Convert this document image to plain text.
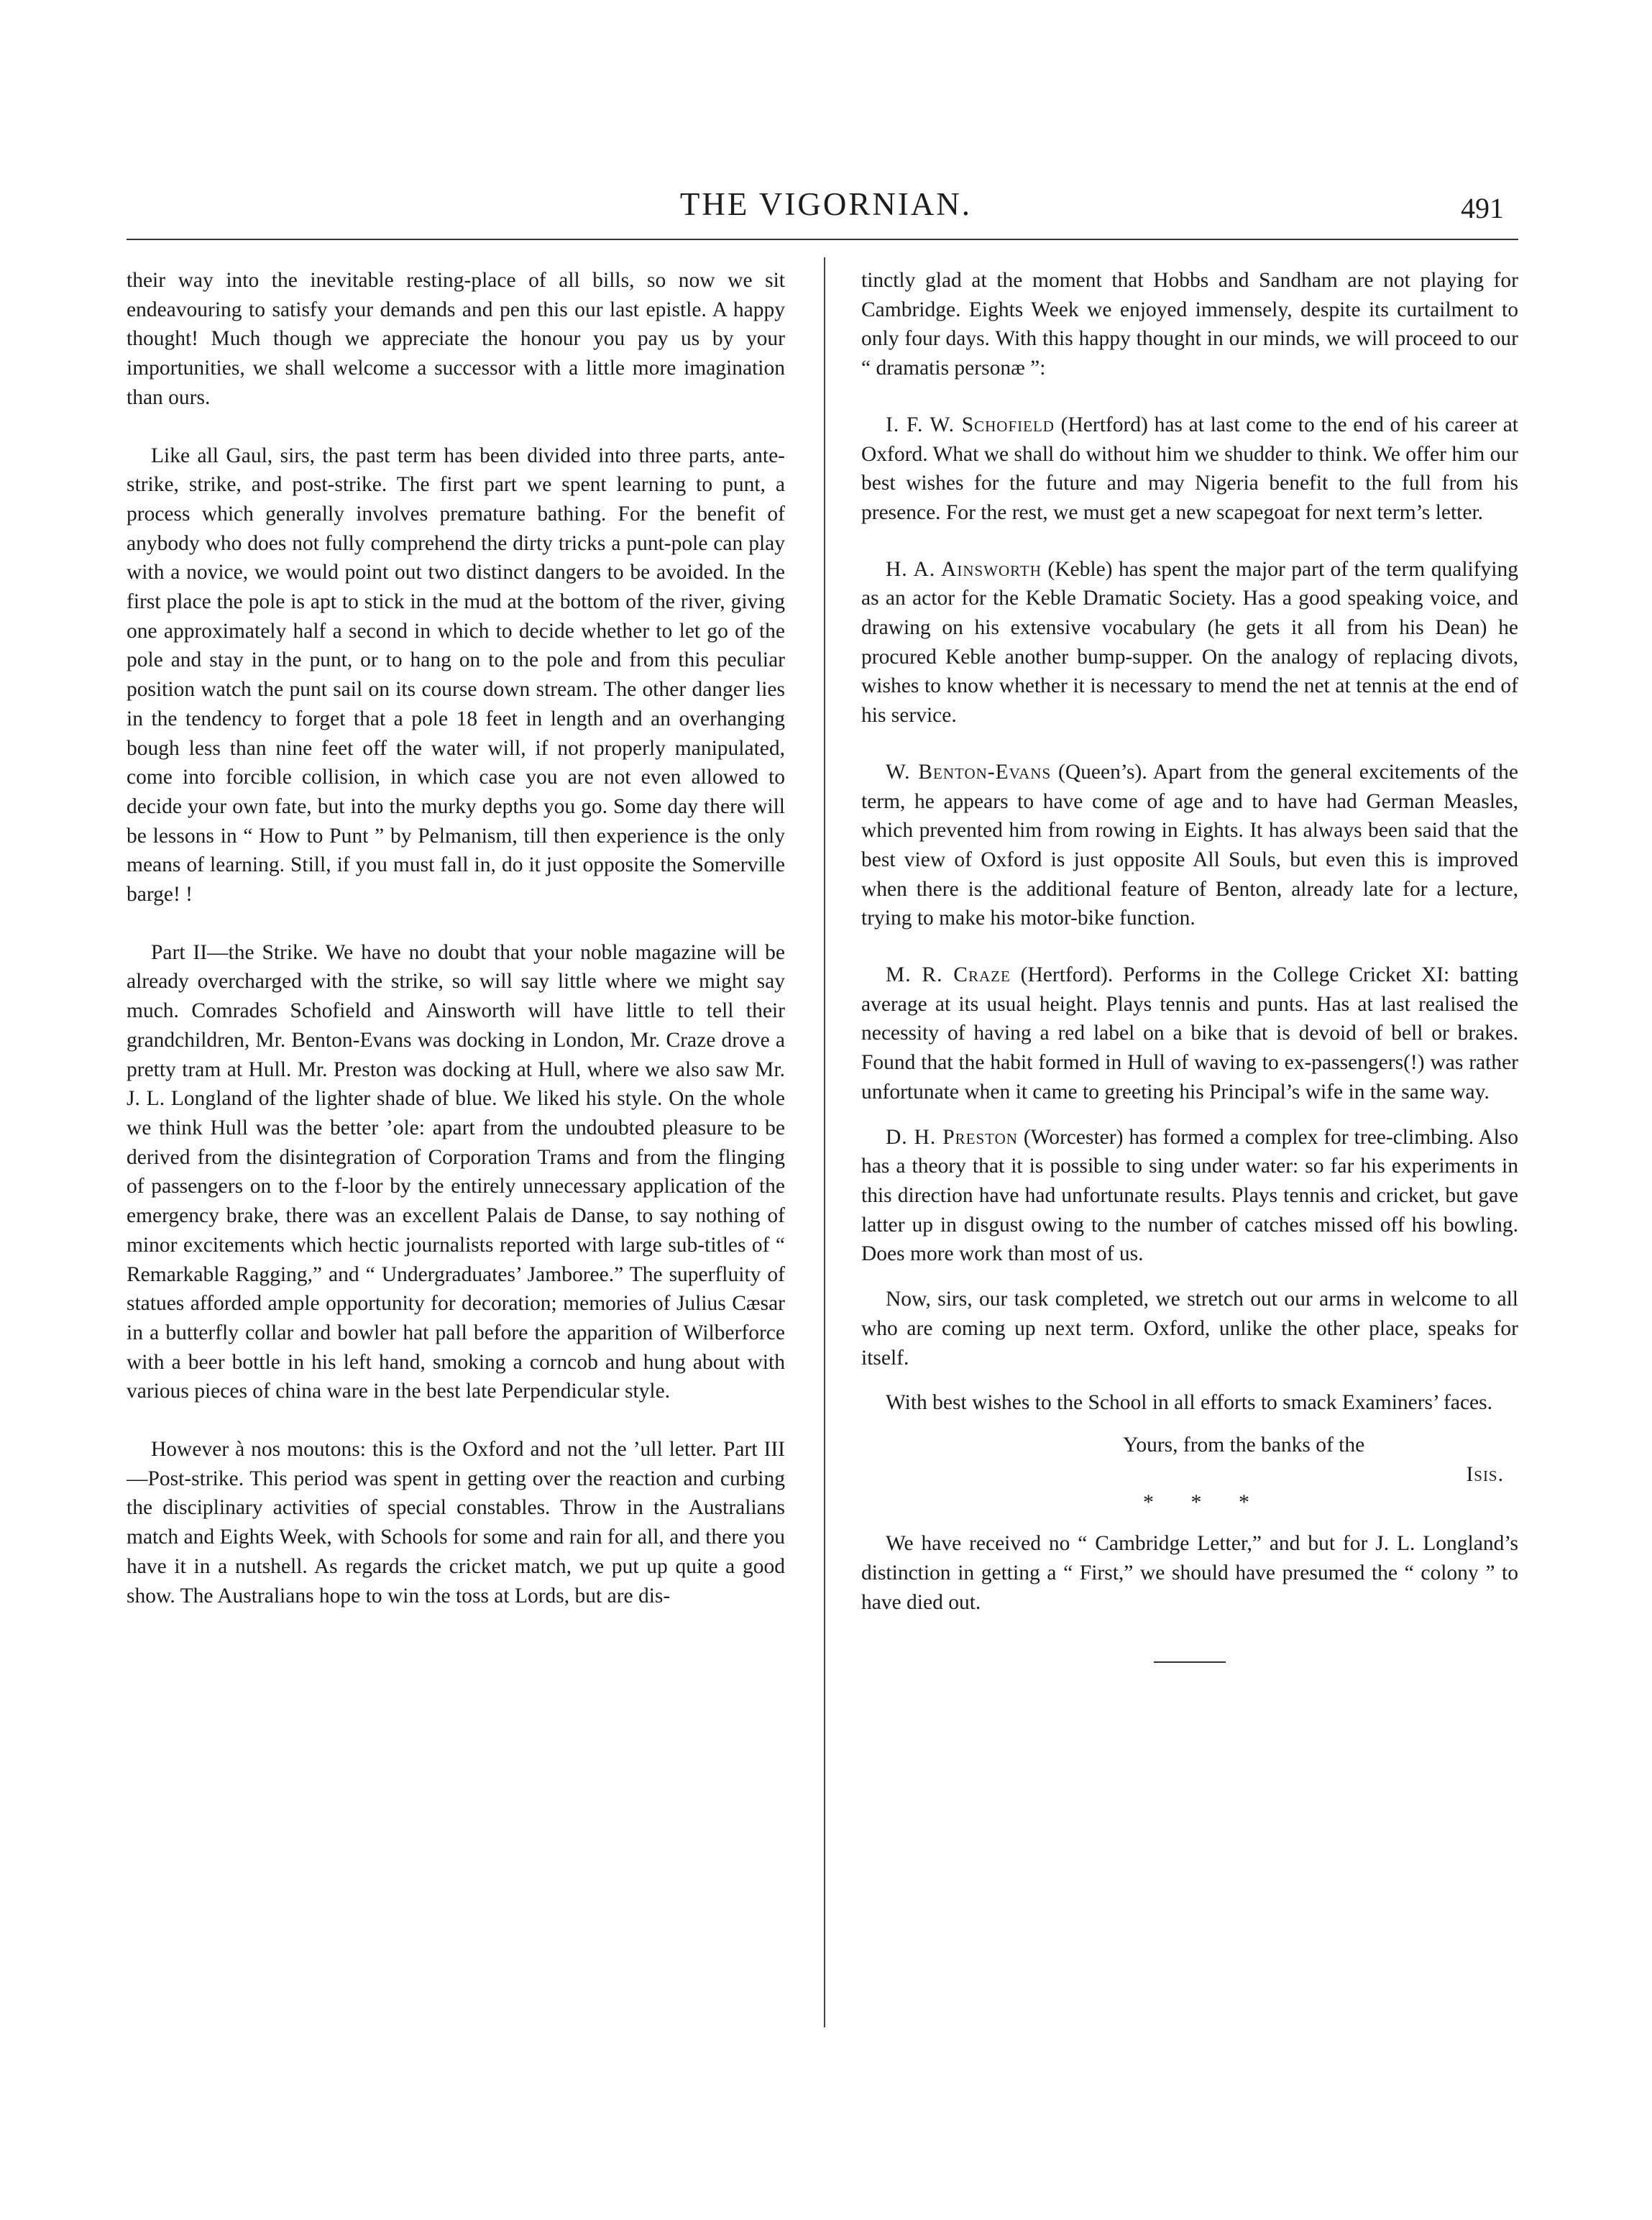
THE VIGORNIAN.	491

their way into the inevitable resting-place of all bills, so now we sit endeavouring to satisfy your demands and pen this our last epistle. A happy thought! Much though we appreciate the honour you pay us by your importunities, we shall welcome a successor with a little more imagination than ours.

Like all Gaul, sirs, the past term has been divided into three parts, ante-strike, strike, and post-strike. The first part we spent learning to punt, a process which generally involves premature bathing. For the benefit of anybody who does not fully comprehend the dirty tricks a punt-pole can play with a novice, we would point out two distinct dangers to be avoided. In the first place the pole is apt to stick in the mud at the bottom of the river, giving one approximately half a second in which to decide whether to let go of the pole and stay in the punt, or to hang on to the pole and from this peculiar position watch the punt sail on its course down stream. The other danger lies in the tendency to forget that a pole 18 feet in length and an overhanging bough less than nine feet off the water will, if not properly manipulated, come into forcible collision, in which case you are not even allowed to decide your own fate, but into the murky depths you go. Some day there will be lessons in “ How to Punt ” by Pelmanism, till then experience is the only means of learning. Still, if you must fall in, do it just opposite the Somerville barge! !

Part II—the Strike. We have no doubt that your noble magazine will be already overcharged with the strike, so will say little where we might say much. Comrades Schofield and Ainsworth will have little to tell their grandchildren, Mr. Benton-Evans was docking in London, Mr. Craze drove a pretty tram at Hull. Mr. Preston was docking at Hull, where we also saw Mr. J. L. Longland of the lighter shade of blue. We liked his style. On the whole we think Hull was the better ’ole: apart from the undoubted pleasure to be derived from the disintegration of Corporation Trams and from the flinging of passengers on to the f-loor by the entirely unnecessary application of the emergency brake, there was an excellent Palais de Danse, to say nothing of minor excitements which hectic journalists reported with large sub-titles of “ Remarkable Ragging,” and “ Undergraduates’ Jamboree.” The superfluity of statues afforded ample opportunity for decoration; memories of Julius Cæsar in a butterfly collar and bowler hat pall before the apparition of Wilberforce with a beer bottle in his left hand, smoking a corncob and hung about with various pieces of china ware in the best late Perpendicular style.

However à nos moutons: this is the Oxford and not the ’ull letter. Part III—Post-strike. This period was spent in getting over the reaction and curbing the disciplinary activities of special constables. Throw in the Australians match and Eights Week, with Schools for some and rain for all, and there you have it in a nutshell. As regards the cricket match, we put up quite a good show. The Australians hope to win the toss at Lords, but are dis-

tinctly glad at the moment that Hobbs and Sandham are not playing for Cambridge. Eights Week we enjoyed immensely, despite its curtailment to only four days. With this happy thought in our minds, we will proceed to our “ dramatis personæ ”:

I. F. W. Schofield (Hertford) has at last come to the end of his career at Oxford. What we shall do without him we shudder to think. We offer him our best wishes for the future and may Nigeria benefit to the full from his presence. For the rest, we must get a new scapegoat for next term’s letter.

H. A. Ainsworth (Keble) has spent the major part of the term qualifying as an actor for the Keble Dramatic Society. Has a good speaking voice, and drawing on his extensive vocabulary (he gets it all from his Dean) he procured Keble another bump-supper. On the analogy of replacing divots, wishes to know whether it is necessary to mend the net at tennis at the end of his service.

W. Benton-Evans (Queen’s). Apart from the general excitements of the term, he appears to have come of age and to have had German Measles, which prevented him from rowing in Eights. It has always been said that the best view of Oxford is just opposite All Souls, but even this is improved when there is the additional feature of Benton, already late for a lecture, trying to make his motor-bike function.

M. R. Craze (Hertford). Performs in the College Cricket XI: batting average at its usual height. Plays tennis and punts. Has at last realised the necessity of having a red label on a bike that is devoid of bell or brakes. Found that the habit formed in Hull of waving to ex-passengers(!) was rather unfortunate when it came to greeting his Principal’s wife in the same way.

D. H. Preston (Worcester) has formed a complex for tree-climbing. Also has a theory that it is possible to sing under water: so far his experiments in this direction have had unfortunate results. Plays tennis and cricket, but gave latter up in disgust owing to the number of catches missed off his bowling. Does more work than most of us.

Now, sirs, our task completed, we stretch out our arms in welcome to all who are coming up next term. Oxford, unlike the other place, speaks for itself.

With best wishes to the School in all efforts to smack Examiners’ faces.

Yours, from the banks of the
Isis.
* * *

We have received no “ Cambridge Letter,” and but for J. L. Longland’s distinction in getting a “ First,” we should have presumed the “ colony ” to have died out.
